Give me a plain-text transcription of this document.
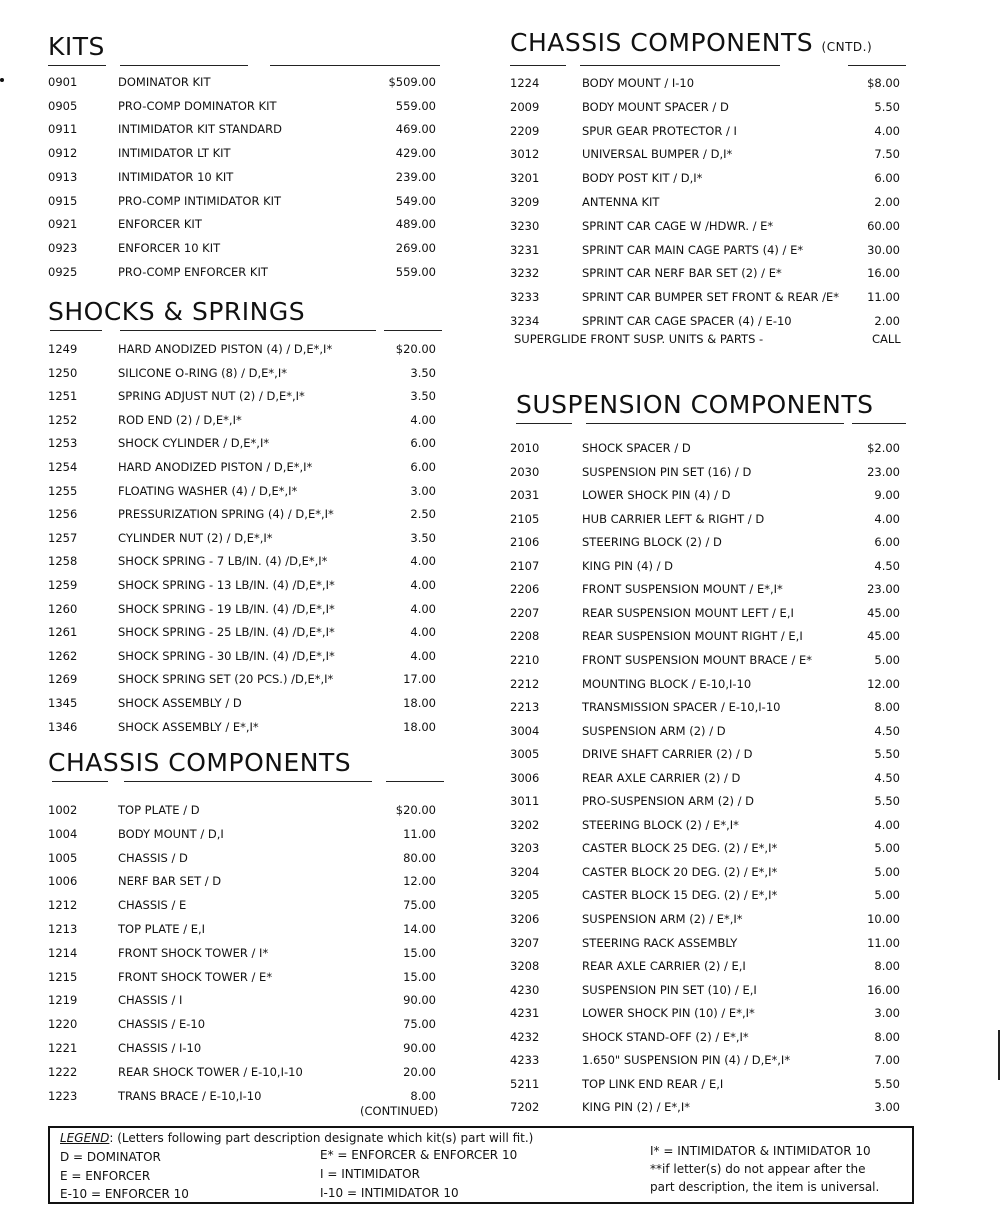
KITS
0901	DOMINATOR KIT	$509.00
0905	PRO-COMP DOMINATOR KIT	559.00
0911	INTIMIDATOR KIT STANDARD	469.00
0912	INTIMIDATOR LT KIT	429.00
0913	INTIMIDATOR 10 KIT	239.00
0915	PRO-COMP INTIMIDATOR KIT	549.00
0921	ENFORCER KIT	489.00
0923	ENFORCER 10 KIT	269.00
0925	PRO-COMP ENFORCER KIT	559.00
SHOCKS & SPRINGS
1249	HARD ANODIZED PISTON (4) / D,E*,I*	$20.00
1250	SILICONE O-RING (8) / D,E*,I*	3.50
1251	SPRING ADJUST NUT (2) / D,E*,I*	3.50
1252	ROD END (2) / D,E*,I*	4.00
1253	SHOCK CYLINDER / D,E*,I*	6.00
1254	HARD ANODIZED PISTON / D,E*,I*	6.00
1255	FLOATING WASHER (4) / D,E*,I*	3.00
1256	PRESSURIZATION SPRING (4) / D,E*,I*	2.50
1257	CYLINDER NUT (2) / D,E*,I*	3.50
1258	SHOCK SPRING - 7 LB/IN. (4) /D,E*,I*	4.00
1259	SHOCK SPRING - 13 LB/IN. (4) /D,E*,I*	4.00
1260	SHOCK SPRING - 19 LB/IN. (4) /D,E*,I*	4.00
1261	SHOCK SPRING - 25 LB/IN. (4) /D,E*,I*	4.00
1262	SHOCK SPRING - 30 LB/IN. (4) /D,E*,I*	4.00
1269	SHOCK SPRING SET (20 PCS.) /D,E*,I*	17.00
1345	SHOCK ASSEMBLY / D	18.00
1346	SHOCK ASSEMBLY / E*,I*	18.00
CHASSIS COMPONENTS
1002	TOP PLATE / D	$20.00
1004	BODY MOUNT / D,I	11.00
1005	CHASSIS / D	80.00
1006	NERF BAR SET / D	12.00
1212	CHASSIS / E	75.00
1213	TOP PLATE / E,I	14.00
1214	FRONT SHOCK TOWER / I*	15.00
1215	FRONT SHOCK TOWER / E*	15.00
1219	CHASSIS / I	90.00
1220	CHASSIS / E-10	75.00
1221	CHASSIS / I-10	90.00
1222	REAR SHOCK TOWER / E-10,I-10	20.00
1223	TRANS BRACE / E-10,I-10	8.00
(CONTINUED)
CHASSIS COMPONENTS (CNTD.)
1224	BODY MOUNT / I-10	$8.00
2009	BODY MOUNT SPACER / D	5.50
2209	SPUR GEAR PROTECTOR / I	4.00
3012	UNIVERSAL BUMPER / D,I*	7.50
3201	BODY POST KIT / D,I*	6.00
3209	ANTENNA KIT	2.00
3230	SPRINT CAR CAGE W /HDWR. / E*	60.00
3231	SPRINT CAR MAIN CAGE PARTS (4) / E*	30.00
3232	SPRINT CAR NERF BAR SET (2) / E*	16.00
3233	SPRINT CAR BUMPER SET FRONT & REAR /E* 11.00
3234	SPRINT CAR CAGE SPACER (4) / E-10	2.00
SUPERGLIDE FRONT SUSP. UNITS & PARTS -	CALL
SUSPENSION COMPONENTS
2010	SHOCK SPACER / D	$2.00
2030	SUSPENSION PIN SET (16) / D	23.00
2031	LOWER SHOCK PIN (4) / D	9.00
2105	HUB CARRIER LEFT & RIGHT / D	4.00
2106	STEERING BLOCK (2) / D	6.00
2107	KING PIN (4) / D	4.50
2206	FRONT SUSPENSION MOUNT / E*,I*	23.00
2207	REAR SUSPENSION MOUNT LEFT / E,I	45.00
2208	REAR SUSPENSION MOUNT RIGHT / E,I	45.00
2210	FRONT SUSPENSION MOUNT BRACE / E*	5.00
2212	MOUNTING BLOCK / E-10,I-10	12.00
2213	TRANSMISSION SPACER / E-10,I-10	8.00
3004	SUSPENSION ARM (2) / D	4.50
3005	DRIVE SHAFT CARRIER (2) / D	5.50
3006	REAR AXLE CARRIER (2) / D	4.50
3011	PRO-SUSPENSION ARM (2) / D	5.50
3202	STEERING BLOCK (2) / E*,I*	4.00
3203	CASTER BLOCK 25 DEG. (2) / E*,I*	5.00
3204	CASTER BLOCK 20 DEG. (2) / E*,I*	5.00
3205	CASTER BLOCK 15 DEG. (2) / E*,I*	5.00
3206	SUSPENSION ARM (2) / E*,I*	10.00
3207	STEERING RACK ASSEMBLY	11.00
3208	REAR AXLE CARRIER (2) / E,I	8.00
4230	SUSPENSION PIN SET (10) / E,I	16.00
4231	LOWER SHOCK PIN (10) / E*,I*	3.00
4232	SHOCK STAND-OFF (2) / E*,I*	8.00
4233	1.650" SUSPENSION PIN (4) / D,E*,I*	7.00
5211	TOP LINK END REAR / E,I	5.50
7202	KING PIN (2) / E*,I*	3.00
LEGEND: (Letters following part description designate which kit(s) part will fit.)
D = DOMINATOR
E = ENFORCER
E-10 = ENFORCER 10
E* = ENFORCER & ENFORCER 10
I = INTIMIDATOR
I-10 = INTIMIDATOR 10
I* = INTIMIDATOR & INTIMIDATOR 10
**if letter(s) do not appear after the
part description, the item is universal.
